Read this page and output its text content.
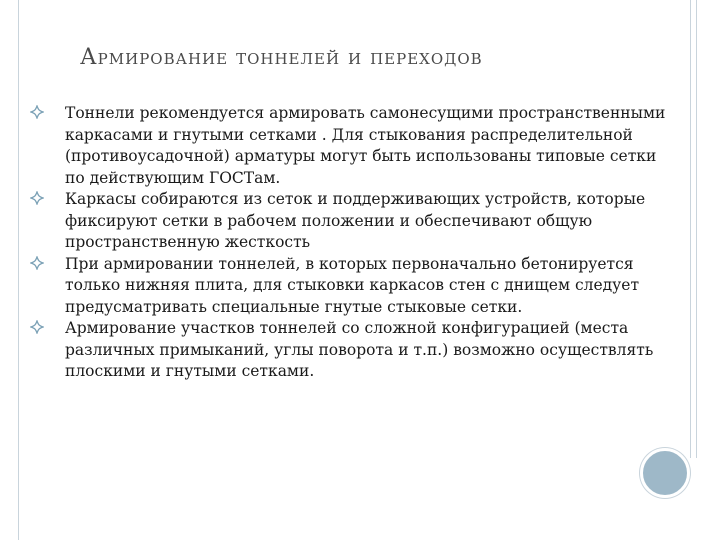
Армирование тоннелей и переходов
Тоннели рекомендуется армировать самонесущими пространственными каркасами и гнутыми сетками . Для стыкования распределительной (противоусадочной) арматуры могут быть использованы типовые сетки по действующим ГОСТам.
Каркасы собираются из сеток и поддерживающих устройств, которые фиксируют сетки в рабочем положении и обеспечивают общую пространственную жесткость
При армировании тоннелей, в которых первоначально бетонируется только нижняя плита, для стыковки каркасов стен с днищем следует предусматривать специальные гнутые стыковые сетки.
Армирование участков тоннелей со сложной конфигурацией (места различных примыканий, углы поворота и т.п.) возможно осуществлять плоскими и гнутыми сетками.
